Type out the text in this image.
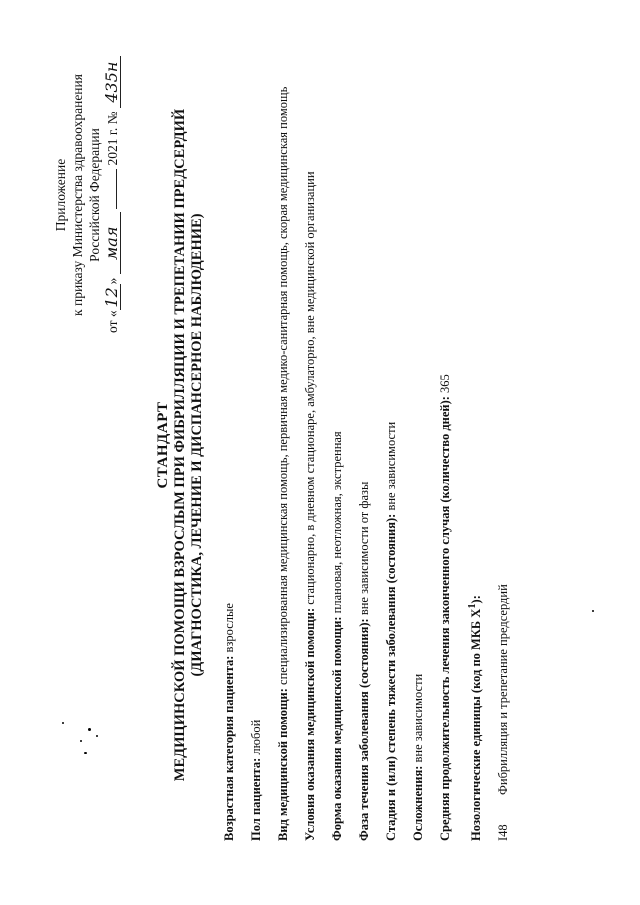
Приложение к приказу Министерства здравоохранения Российской Федерации
от «12» мая  2021 г. № 435н
СТАНДАРТ МЕДИЦИНСКОЙ ПОМОЩИ ВЗРОСЛЫМ ПРИ ФИБРИЛЛЯЦИИ И ТРЕПЕТАНИИ ПРЕДСЕРДИЙ (ДИАГНОСТИКА, ЛЕЧЕНИЕ И ДИСПАНСЕРНОЕ НАБЛЮДЕНИЕ)
Возрастная категория пациента: взрослые
Пол пациента: любой Вид медицинской помощи: специализированная медицинская помощь, первичная медико-санитарная помощь, скорая медицинская помощь
Условия оказания медицинской помощи: стационарно, в дневном стационаре, амбулаторно, вне медицинской организации
Форма оказания медицинской помощи: плановая, неотложная, экстренная
Фаза течения заболевания (состояния): вне зависимости от фазы Стадия и (или) степень тяжести заболевания (состояния): вне зависимости
Осложнения: вне зависимости Средняя продолжительность лечения законченного случая (количество дней): 365
Нозологические единицы (код по МКБ $X^1$):
I48
Фибрилляция и трепетание предсердий
